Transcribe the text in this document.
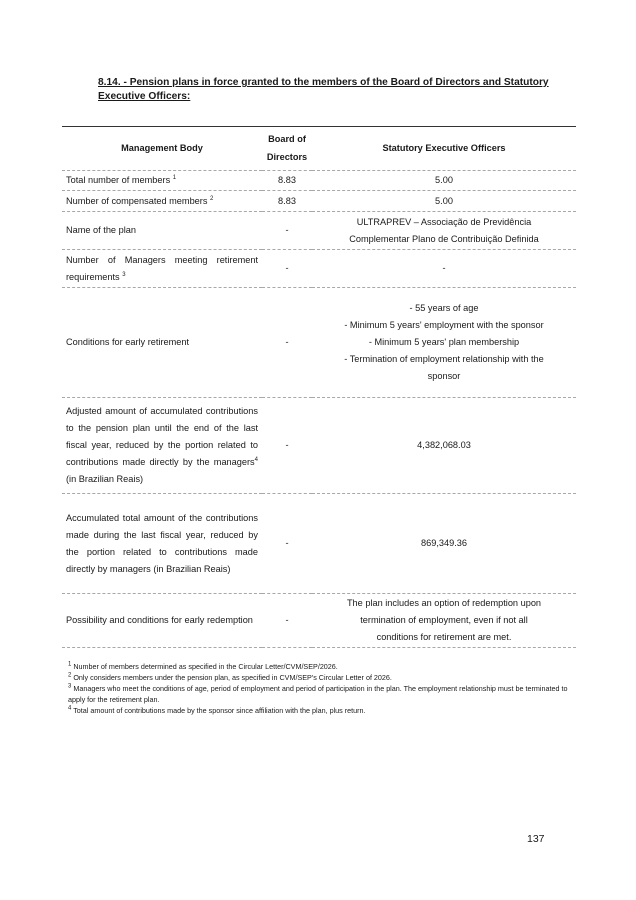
8.14. - Pension plans in force granted to the members of the Board of Directors and Statutory Executive Officers:
Management Body	Board of Directors	Statutory Executive Officers
Total number of members $^1$	8.83	5.00

Number of compensated members $^2$	8.83	5.00

Name of the plan	-	ULTRAPREV – Associação de Previdência
Complementar Plano de Contribuição Definida

Number of Managers meeting retirement requirements $^3$	-	-

Conditions for early retirement	-	- 55 years of age
- Minimum 5 years' employment with the sponsor
- Minimum 5 years' plan membership
- Termination of employment relationship with the
sponsor

Adjusted amount of accumulated contributions to the pension plan until the end of the last fiscal year, reduced by the portion related to contributions made directly by the managers$^4$ (in Brazilian Reais)	-	4,382,068.03

Accumulated total amount of the contributions made during the last fiscal year, reduced by the portion related to contributions made directly by managers (in Brazilian Reais)	-	869,349.36

Possibility and conditions for early redemption	-	The plan includes an option of redemption upon
termination of employment, even if not all
conditions for retirement are met.

$^1$ Number of members determined as specified in the Circular Letter/CVM/SEP/2026.

$^2$ Only considers members under the pension plan, as specified in CVM/SEP's Circular Letter of 2026.

$^3$ Managers who meet the conditions of age, period of employment and period of participation in the plan. The employment relationship must be terminated to apply for the retirement plan.

$^4$ Total amount of contributions made by the sponsor since affiliation with the plan, plus return.

137
